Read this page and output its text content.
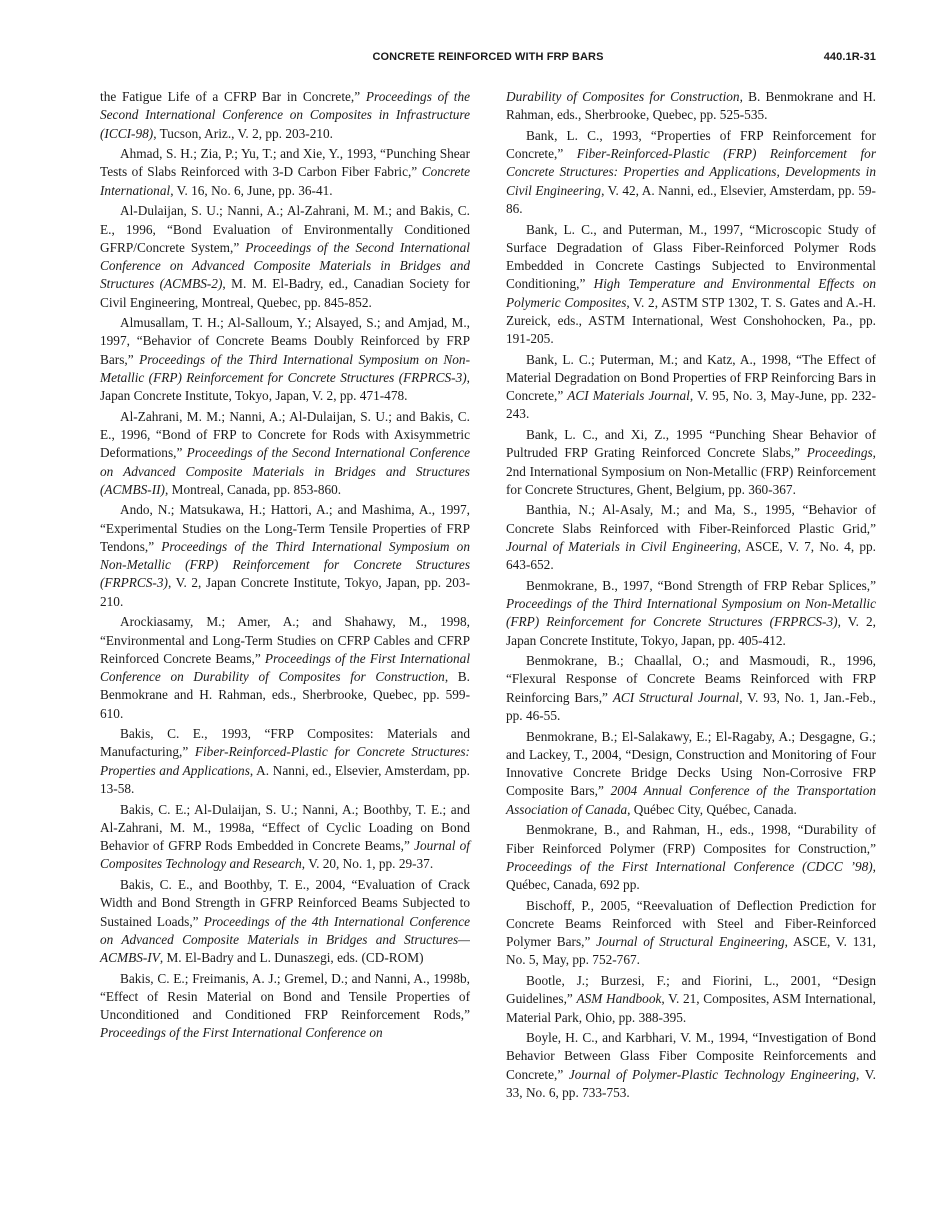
CONCRETE REINFORCED WITH FRP BARS	440.1R-31

the Fatigue Life of a CFRP Bar in Concrete,” Proceedings of the Second International Conference on Composites in Infrastructure (ICCI-98), Tucson, Ariz., V. 2, pp. 203-210.

Ahmad, S. H.; Zia, P.; Yu, T.; and Xie, Y., 1993, “Punching Shear Tests of Slabs Reinforced with 3-D Carbon Fiber Fabric,” Concrete International, V. 16, No. 6, June, pp. 36-41.

Al-Dulaijan, S. U.; Nanni, A.; Al-Zahrani, M. M.; and Bakis, C. E., 1996, “Bond Evaluation of Environmentally Conditioned GFRP/Concrete System,” Proceedings of the Second International Conference on Advanced Composite Materials in Bridges and Structures (ACMBS-2), M. M. El-Badry, ed., Canadian Society for Civil Engineering, Montreal, Quebec, pp. 845-852.

Almusallam, T. H.; Al-Salloum, Y.; Alsayed, S.; and Amjad, M., 1997, “Behavior of Concrete Beams Doubly Reinforced by FRP Bars,” Proceedings of the Third International Symposium on Non-Metallic (FRP) Reinforcement for Concrete Structures (FRPRCS-3), Japan Concrete Institute, Tokyo, Japan, V. 2, pp. 471-478.

Al-Zahrani, M. M.; Nanni, A.; Al-Dulaijan, S. U.; and Bakis, C. E., 1996, “Bond of FRP to Concrete for Rods with Axisymmetric Deformations,” Proceedings of the Second International Conference on Advanced Composite Materials in Bridges and Structures (ACMBS-II), Montreal, Canada, pp. 853-860.

Ando, N.; Matsukawa, H.; Hattori, A.; and Mashima, A., 1997, “Experimental Studies on the Long-Term Tensile Properties of FRP Tendons,” Proceedings of the Third International Symposium on Non-Metallic (FRP) Reinforcement for Concrete Structures (FRPRCS-3), V. 2, Japan Concrete Institute, Tokyo, Japan, pp. 203-210.

Arockiasamy, M.; Amer, A.; and Shahawy, M., 1998, “Environmental and Long-Term Studies on CFRP Cables and CFRP Reinforced Concrete Beams,” Proceedings of the First International Conference on Durability of Composites for Construction, B. Benmokrane and H. Rahman, eds., Sherbrooke, Quebec, pp. 599-610.

Bakis, C. E., 1993, “FRP Composites: Materials and Manufacturing,” Fiber-Reinforced-Plastic for Concrete Structures: Properties and Applications, A. Nanni, ed., Elsevier, Amsterdam, pp. 13-58.

Bakis, C. E.; Al-Dulaijan, S. U.; Nanni, A.; Boothby, T. E.; and Al-Zahrani, M. M., 1998a, “Effect of Cyclic Loading on Bond Behavior of GFRP Rods Embedded in Concrete Beams,” Journal of Composites Technology and Research, V. 20, No. 1, pp. 29-37.

Bakis, C. E., and Boothby, T. E., 2004, “Evaluation of Crack Width and Bond Strength in GFRP Reinforced Beams Subjected to Sustained Loads,” Proceedings of the 4th International Conference on Advanced Composite Materials in Bridges and Structures—ACMBS-IV, M. El-Badry and L. Dunaszegi, eds. (CD-ROM)

Bakis, C. E.; Freimanis, A. J.; Gremel, D.; and Nanni, A., 1998b, “Effect of Resin Material on Bond and Tensile Properties of Unconditioned and Conditioned FRP Reinforcement Rods,” Proceedings of the First International Conference on

Durability of Composites for Construction, B. Benmokrane and H. Rahman, eds., Sherbrooke, Quebec, pp. 525-535.

Bank, L. C., 1993, “Properties of FRP Reinforcement for Concrete,” Fiber-Reinforced-Plastic (FRP) Reinforcement for Concrete Structures: Properties and Applications, Developments in Civil Engineering, V. 42, A. Nanni, ed., Elsevier, Amsterdam, pp. 59-86.

Bank, L. C., and Puterman, M., 1997, “Microscopic Study of Surface Degradation of Glass Fiber-Reinforced Polymer Rods Embedded in Concrete Castings Subjected to Environmental Conditioning,” High Temperature and Environmental Effects on Polymeric Composites, V. 2, ASTM STP 1302, T. S. Gates and A.-H. Zureick, eds., ASTM International, West Conshohocken, Pa., pp. 191-205.

Bank, L. C.; Puterman, M.; and Katz, A., 1998, “The Effect of Material Degradation on Bond Properties of FRP Reinforcing Bars in Concrete,” ACI Materials Journal, V. 95, No. 3, May-June, pp. 232-243.

Bank, L. C., and Xi, Z., 1995 “Punching Shear Behavior of Pultruded FRP Grating Reinforced Concrete Slabs,” Proceedings, 2nd International Symposium on Non-Metallic (FRP) Reinforcement for Concrete Structures, Ghent, Belgium, pp. 360-367.

Banthia, N.; Al-Asaly, M.; and Ma, S., 1995, “Behavior of Concrete Slabs Reinforced with Fiber-Reinforced Plastic Grid,” Journal of Materials in Civil Engineering, ASCE, V. 7, No. 4, pp. 643-652.

Benmokrane, B., 1997, “Bond Strength of FRP Rebar Splices,” Proceedings of the Third International Symposium on Non-Metallic (FRP) Reinforcement for Concrete Structures (FRPRCS-3), V. 2, Japan Concrete Institute, Tokyo, Japan, pp. 405-412.

Benmokrane, B.; Chaallal, O.; and Masmoudi, R., 1996, “Flexural Response of Concrete Beams Reinforced with FRP Reinforcing Bars,” ACI Structural Journal, V. 93, No. 1, Jan.-Feb., pp. 46-55.

Benmokrane, B.; El-Salakawy, E.; El-Ragaby, A.; Desgagne, G.; and Lackey, T., 2004, “Design, Construction and Monitoring of Four Innovative Concrete Bridge Decks Using Non-Corrosive FRP Composite Bars,” 2004 Annual Conference of the Transportation Association of Canada, Québec City, Québec, Canada.

Benmokrane, B., and Rahman, H., eds., 1998, “Durability of Fiber Reinforced Polymer (FRP) Composites for Construction,” Proceedings of the First International Conference (CDCC ’98), Québec, Canada, 692 pp.

Bischoff, P., 2005, “Reevaluation of Deflection Prediction for Concrete Beams Reinforced with Steel and Fiber-Reinforced Polymer Bars,” Journal of Structural Engineering, ASCE, V. 131, No. 5, May, pp. 752-767.

Bootle, J.; Burzesi, F.; and Fiorini, L., 2001, “Design Guidelines,” ASM Handbook, V. 21, Composites, ASM International, Material Park, Ohio, pp. 388-395.

Boyle, H. C., and Karbhari, V. M., 1994, “Investigation of Bond Behavior Between Glass Fiber Composite Reinforcements and Concrete,” Journal of Polymer-Plastic Technology Engineering, V. 33, No. 6, pp. 733-753.
